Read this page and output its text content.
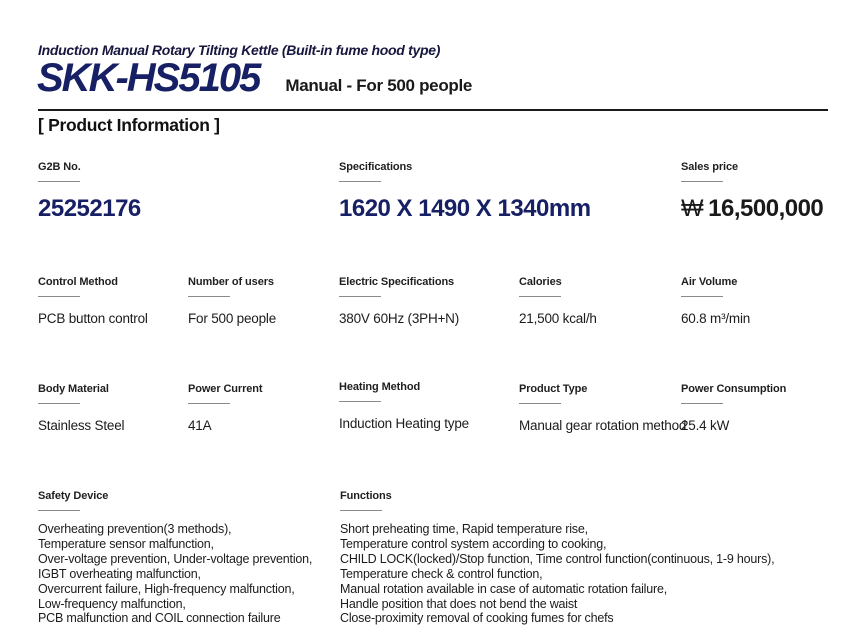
Induction Manual Rotary Tilting Kettle (Built-in fume hood type)
SKK-HS5105 Manual - For 500 people
[ Product Information ]
G2B No.
25252176
Specifications
1620 X 1490 X 1340mm
Sales price
₩ 16,500,000
Control Method
PCB button control
Number of users
For 500 people
Electric Specifications
380V 60Hz (3PH+N)
Calories
21,500 kcal/h
Air Volume
60.8 m³/min
Body Material
Stainless Steel
Power Current
41A
Heating Method
Induction Heating type
Product Type
Manual gear rotation method
Power Consumption
25.4 kW
Safety Device
Overheating prevention(3 methods),
Temperature sensor malfunction,
Over-voltage prevention, Under-voltage prevention,
IGBT overheating malfunction,
Overcurrent failure, High-frequency malfunction,
Low-frequency malfunction,
PCB malfunction and COIL connection failure
Functions
Short preheating time, Rapid temperature rise,
Temperature control system according to cooking,
CHILD LOCK(locked)/Stop function, Time control function(continuous, 1-9 hours),
Temperature check & control function,
Manual rotation available in case of automatic rotation failure,
Handle position that does not bend the waist
Close-proximity removal of cooking fumes for chefs
